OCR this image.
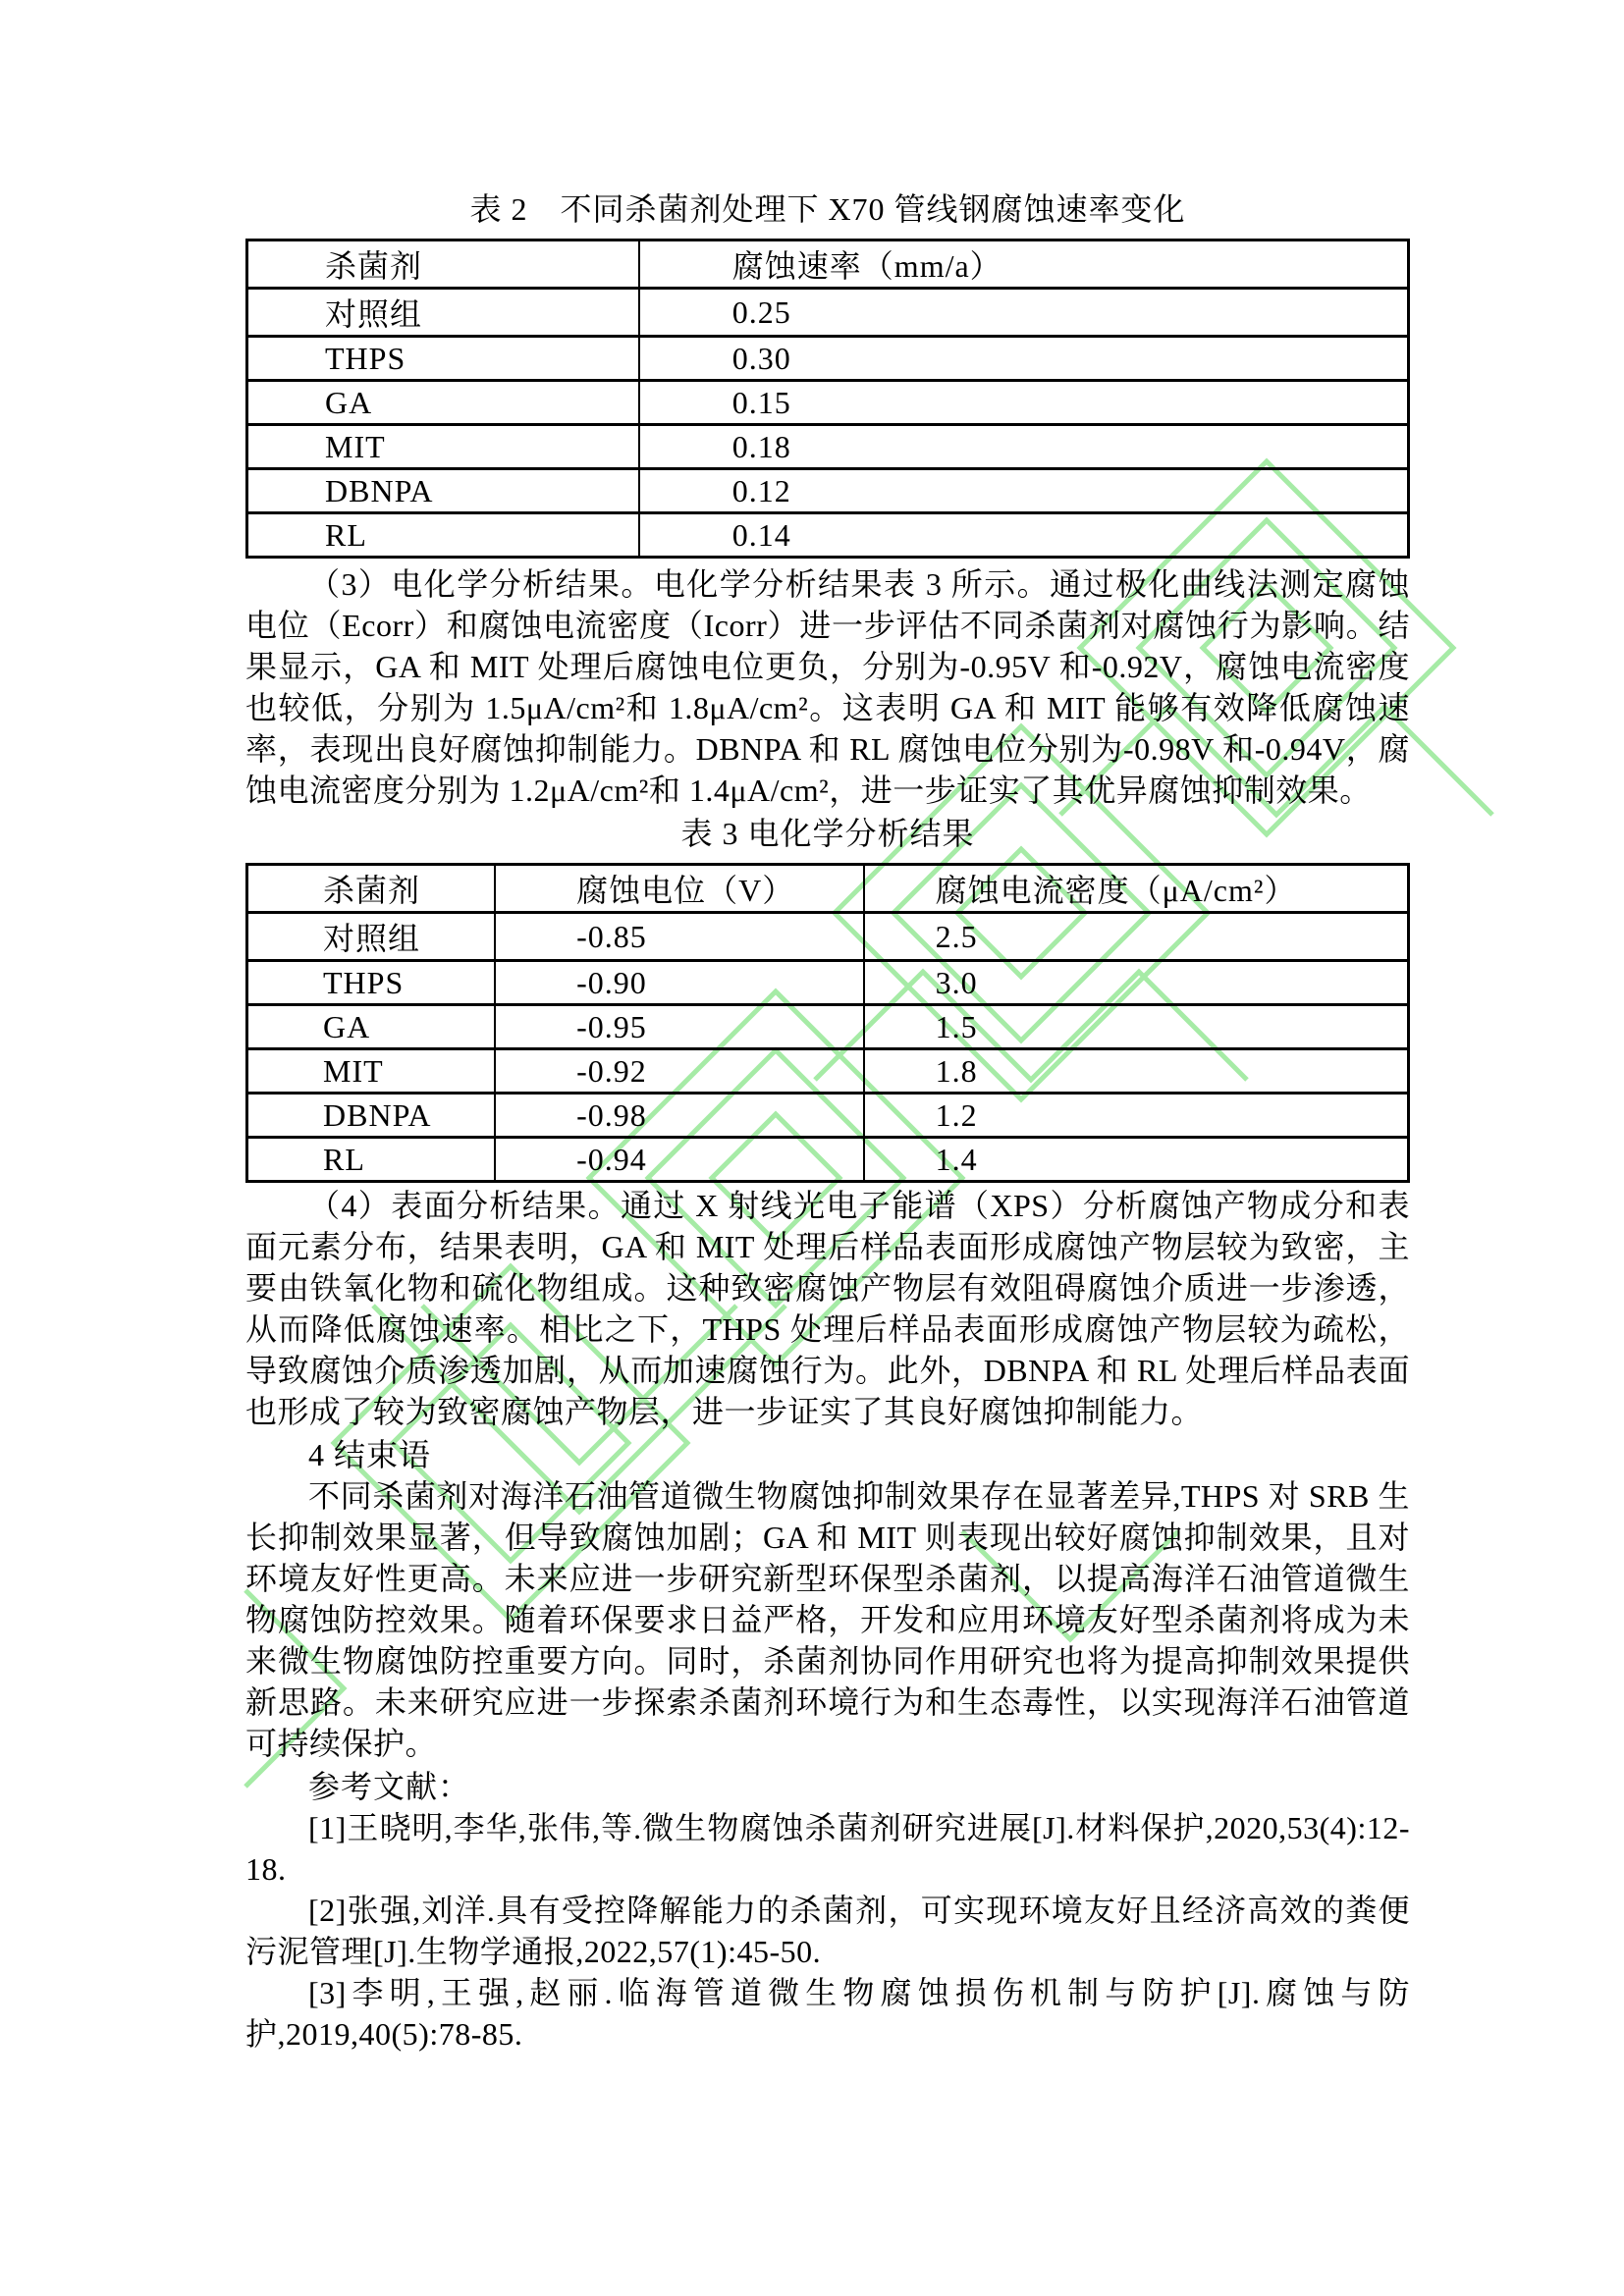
表 2　不同杀菌剂处理下 X70 管线钢腐蚀速率变化
杀菌剂	腐蚀速率（mm/a）
对照组	0.25
THPS	0.30
GA	0.15
MIT	0.18
DBNPA	0.12
RL	0.14

（3）电化学分析结果。电化学分析结果表 3 所示。通过极化曲线法测定腐蚀电位（Ecorr）和腐蚀电流密度（Icorr）进一步评估不同杀菌剂对腐蚀行为影响。结果显示，GA 和 MIT 处理后腐蚀电位更负，分别为-0.95V 和-0.92V，腐蚀电流密度也较低，分别为 1.5μA/cm²和 1.8μA/cm²。这表明 GA 和 MIT 能够有效降低腐蚀速率，表现出良好腐蚀抑制能力。DBNPA 和 RL 腐蚀电位分别为-0.98V 和-0.94V，腐蚀电流密度分别为 1.2μA/cm²和 1.4μA/cm²，进一步证实了其优异腐蚀抑制效果。

表 3 电化学分析结果
杀菌剂	腐蚀电位（V）	腐蚀电流密度（μA/cm²）
对照组	-0.85	2.5
THPS	-0.90	3.0
GA	-0.95	1.5
MIT	-0.92	1.8
DBNPA	-0.98	1.2
RL	-0.94	1.4

（4）表面分析结果。通过 X 射线光电子能谱（XPS）分析腐蚀产物成分和表面元素分布，结果表明，GA 和 MIT 处理后样品表面形成腐蚀产物层较为致密，主要由铁氧化物和硫化物组成。这种致密腐蚀产物层有效阻碍腐蚀介质进一步渗透，从而降低腐蚀速率。相比之下，THPS 处理后样品表面形成腐蚀产物层较为疏松，导致腐蚀介质渗透加剧，从而加速腐蚀行为。此外，DBNPA 和 RL 处理后样品表面也形成了较为致密腐蚀产物层，进一步证实了其良好腐蚀抑制能力。

4 结束语

不同杀菌剂对海洋石油管道微生物腐蚀抑制效果存在显著差异,THPS 对 SRB 生长抑制效果显著，但导致腐蚀加剧；GA 和 MIT 则表现出较好腐蚀抑制效果，且对环境友好性更高。未来应进一步研究新型环保型杀菌剂，以提高海洋石油管道微生物腐蚀防控效果。随着环保要求日益严格，开发和应用环境友好型杀菌剂将成为未来微生物腐蚀防控重要方向。同时，杀菌剂协同作用研究也将为提高抑制效果提供新思路。未来研究应进一步探索杀菌剂环境行为和生态毒性，以实现海洋石油管道可持续保护。

参考文献：

[1]王晓明,李华,张伟,等.微生物腐蚀杀菌剂研究进展[J].材料保护,2020,53(4):12-18.

[2]张强,刘洋.具有受控降解能力的杀菌剂，可实现环境友好且经济高效的粪便污泥管理[J].生物学通报,2022,57(1):45-50.

[3]李明,王强,赵丽.临海管道微生物腐蚀损伤机制与防护[J].腐蚀与防护,2019,40(5):78-85.
